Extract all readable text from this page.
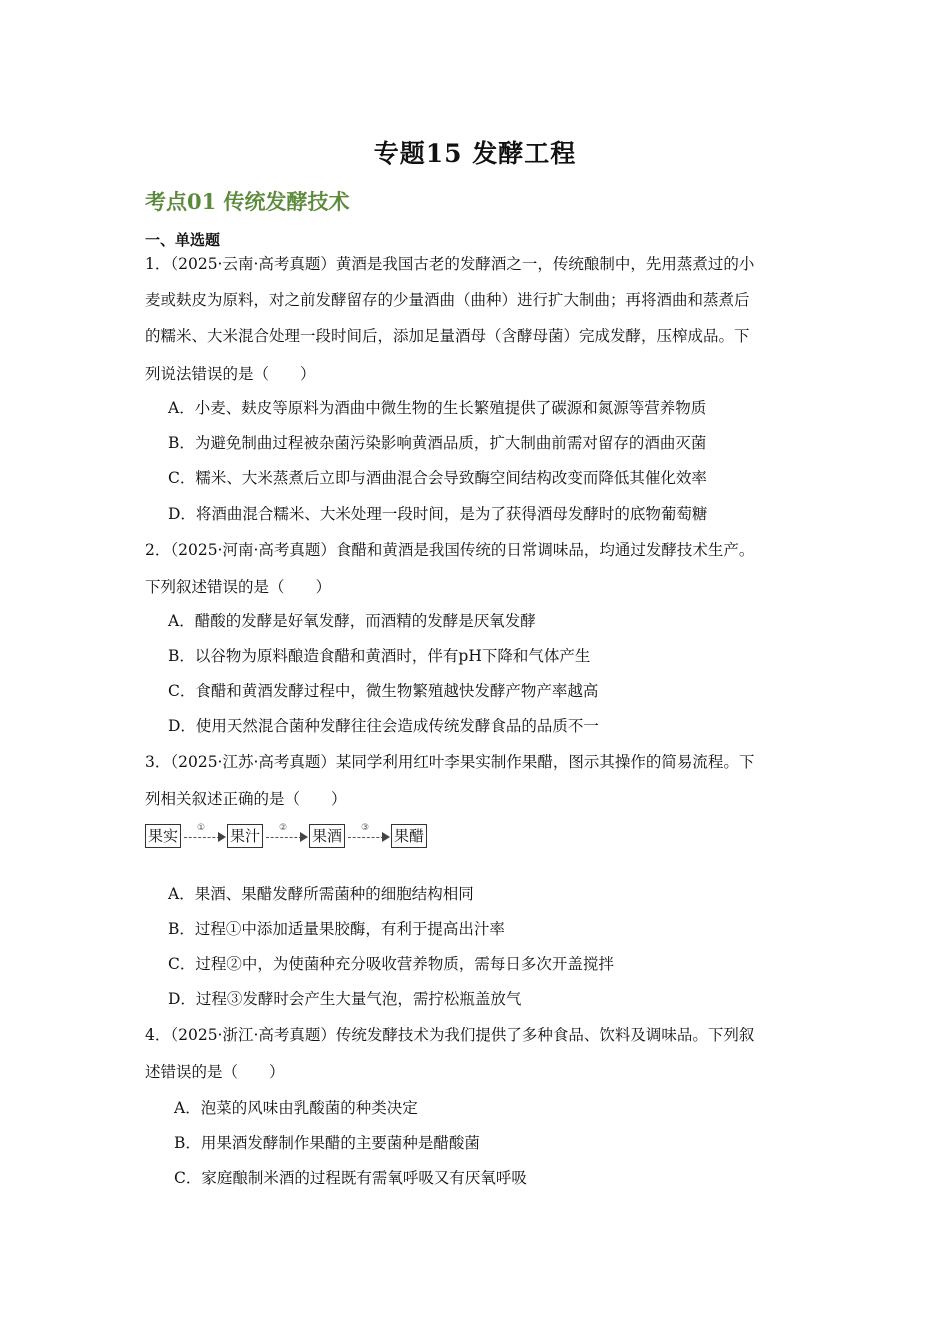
专题15 发酵工程
考点01 传统发酵技术
一、单选题
1．（2025·云南·高考真题）黄酒是我国古老的发酵酒之一，传统酿制中，先用蒸煮过的小
麦或麸皮为原料，对之前发酵留存的少量酒曲（曲种）进行扩大制曲；再将酒曲和蒸煮后
的糯米、大米混合处理一段时间后，添加足量酒母（含酵母菌）完成发酵，压榨成品。下
列说法错误的是（　　）
A．小麦、麸皮等原料为酒曲中微生物的生长繁殖提供了碳源和氮源等营养物质
B．为避免制曲过程被杂菌污染影响黄酒品质，扩大制曲前需对留存的酒曲灭菌
C．糯米、大米蒸煮后立即与酒曲混合会导致酶空间结构改变而降低其催化效率
D．将酒曲混合糯米、大米处理一段时间，是为了获得酒母发酵时的底物葡萄糖
2．（2025·河南·高考真题）食醋和黄酒是我国传统的日常调味品，均通过发酵技术生产。
下列叙述错误的是（　　）
A．醋酸的发酵是好氧发酵，而酒精的发酵是厌氧发酵
B．以谷物为原料酿造食醋和黄酒时，伴有pH下降和气体产生
C．食醋和黄酒发酵过程中，微生物繁殖越快发酵产物产率越高
D．使用天然混合菌种发酵往往会造成传统发酵食品的品质不一
3．（2025·江苏·高考真题）某同学利用红叶李果实制作果醋，图示其操作的简易流程。下
列相关叙述正确的是（　　）
果实	① 果汁	② 果酒	③ 果醋
A．果酒、果醋发酵所需菌种的细胞结构相同
B．过程①中添加适量果胶酶，有利于提高出汁率
C．过程②中，为使菌种充分吸收营养物质，需每日多次开盖搅拌
D．过程③发酵时会产生大量气泡，需拧松瓶盖放气
4．（2025·浙江·高考真题）传统发酵技术为我们提供了多种食品、饮料及调味品。下列叙
述错误的是（　　）
A．泡菜的风味由乳酸菌的种类决定
B．用果酒发酵制作果醋的主要菌种是醋酸菌
C．家庭酿制米酒的过程既有需氧呼吸又有厌氧呼吸
